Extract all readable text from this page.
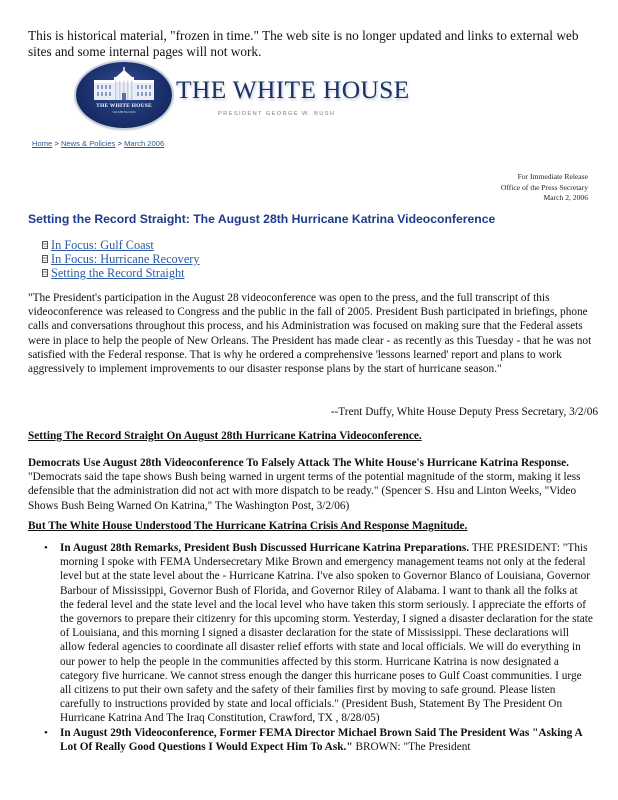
This is historical material, "frozen in time." The web site is no longer updated and links to external web sites and some internal pages will not work.
THE WHITE HOUSE
WASHINGTON
THE WHITE HOUSE
PRESIDENT GEORGE W. BUSH
Home > News & Policies > March 2006
For Immediate Release
Office of the Press Secretary
March 2, 2006
Setting the Record Straight: The August 28th Hurricane Katrina Videoconference
In Focus: Gulf Coast
In Focus: Hurricane Recovery
Setting the Record Straight
"The President's participation in the August 28 videoconference was open to the press, and the full transcript of this videoconference was released to Congress and the public in the fall of 2005. President Bush participated in briefings, phone calls and conversations throughout this process, and his Administration was focused on making sure that the Federal assets were in place to help the people of New Orleans. The President has made clear - as recently as this Tuesday - that he was not satisfied with the Federal response. That is why he ordered a comprehensive 'lessons learned' report and plans to work aggressively to implement improvements to our disaster response plans by the start of hurricane season."
--Trent Duffy, White House Deputy Press Secretary, 3/2/06
Setting The Record Straight On August 28th Hurricane Katrina Videoconference.
Democrats Use August 28th Videoconference To Falsely Attack The White House's Hurricane Katrina Response. "Democrats said the tape shows Bush being warned in urgent terms of the potential magnitude of the storm, making it less defensible that the administration did not act with more dispatch to be ready." (Spencer S. Hsu and Linton Weeks, "Video Shows Bush Being Warned On Katrina," The Washington Post, 3/2/06)
But The White House Understood The Hurricane Katrina Crisis And Response Magnitude.
• In August 28th Remarks, President Bush Discussed Hurricane Katrina Preparations. THE PRESIDENT: "This morning I spoke with FEMA Undersecretary Mike Brown and emergency management teams not only at the federal level but at the state level about the - Hurricane Katrina. I've also spoken to Governor Blanco of Louisiana, Governor Barbour of Mississippi, Governor Bush of Florida, and Governor Riley of Alabama. I want to thank all the folks at the federal level and the state level and the local level who have taken this storm seriously. I appreciate the efforts of the governors to prepare their citizenry for this upcoming storm. Yesterday, I signed a disaster declaration for the state of Louisiana, and this morning I signed a disaster declaration for the state of Mississippi. These declarations will allow federal agencies to coordinate all disaster relief efforts with state and local officials. We will do everything in our power to help the people in the communities affected by this storm. Hurricane Katrina is now designated a category five hurricane. We cannot stress enough the danger this hurricane poses to Gulf Coast communities. I urge all citizens to put their own safety and the safety of their families first by moving to safe ground. Please listen carefully to instructions provided by state and local officials." (President Bush, Statement By The President On Hurricane Katrina And The Iraq Constitution, Crawford, TX , 8/28/05)
• In August 29th Videoconference, Former FEMA Director Michael Brown Said The President Was "Asking A Lot Of Really Good Questions I Would Expect Him To Ask." BROWN: "The President
